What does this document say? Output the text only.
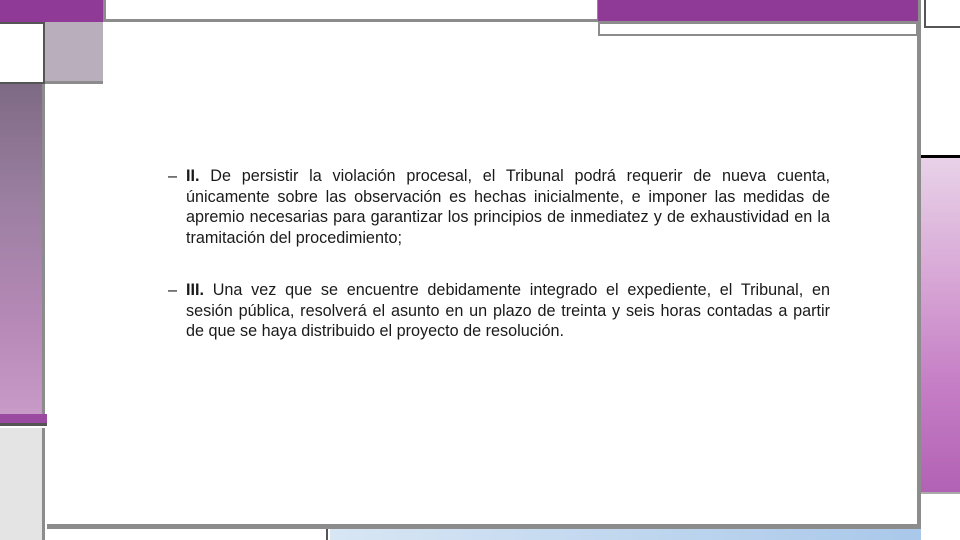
– II. De persistir la violación procesal, el Tribunal podrá requerir de nueva cuenta, únicamente sobre las observación es hechas inicialmente, e imponer las medidas de apremio necesarias para garantizar los principios de inmediatez y de exhaustividad en la tramitación del procedimiento;

– III. Una vez que se encuentre debidamente integrado el expediente, el Tribunal, en sesión pública, resolverá el asunto en un plazo de treinta y seis horas contadas a partir de que se haya distribuido el proyecto de resolución.
